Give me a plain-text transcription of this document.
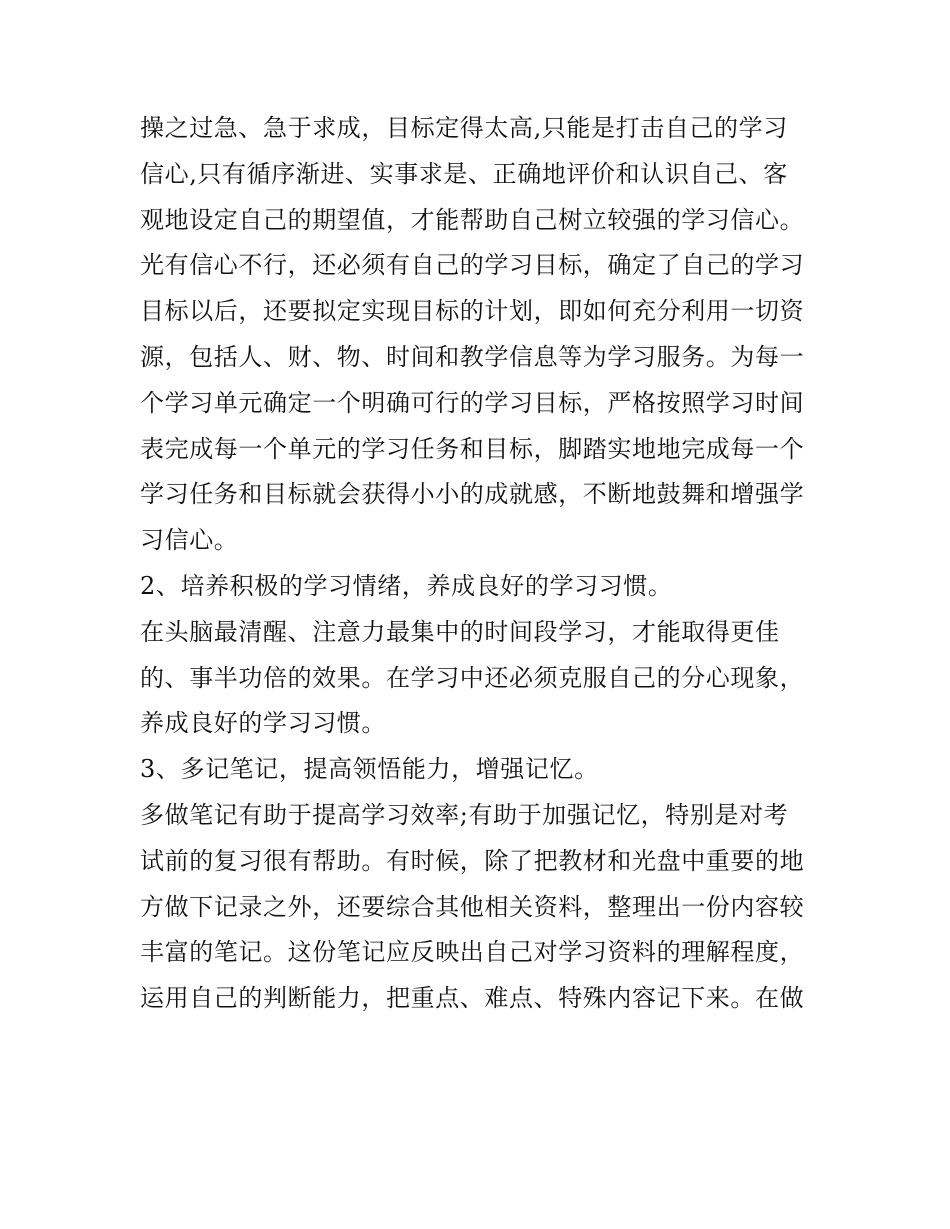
操之过急、急于求成，目标定得太高,只能是打击自己的学习
信心,只有循序渐进、实事求是、正确地评价和认识自己、客
观地设定自己的期望值，才能帮助自己树立较强的学习信心。
光有信心不行，还必须有自己的学习目标，确定了自己的学习
目标以后，还要拟定实现目标的计划，即如何充分利用一切资
源，包括人、财、物、时间和教学信息等为学习服务。为每一
个学习单元确定一个明确可行的学习目标，严格按照学习时间
表完成每一个单元的学习任务和目标，脚踏实地地完成每一个
学习任务和目标就会获得小小的成就感，不断地鼓舞和增强学
习信心。
2、培养积极的学习情绪，养成良好的学习习惯。
在头脑最清醒、注意力最集中的时间段学习，才能取得更佳
的、事半功倍的效果。在学习中还必须克服自己的分心现象，
养成良好的学习习惯。
3、多记笔记，提高领悟能力，增强记忆。
多做笔记有助于提高学习效率;有助于加强记忆，特别是对考
试前的复习很有帮助。有时候，除了把教材和光盘中重要的地
方做下记录之外，还要综合其他相关资料，整理出一份内容较
丰富的笔记。这份笔记应反映出自己对学习资料的理解程度，
运用自己的判断能力，把重点、难点、特殊内容记下来。在做
